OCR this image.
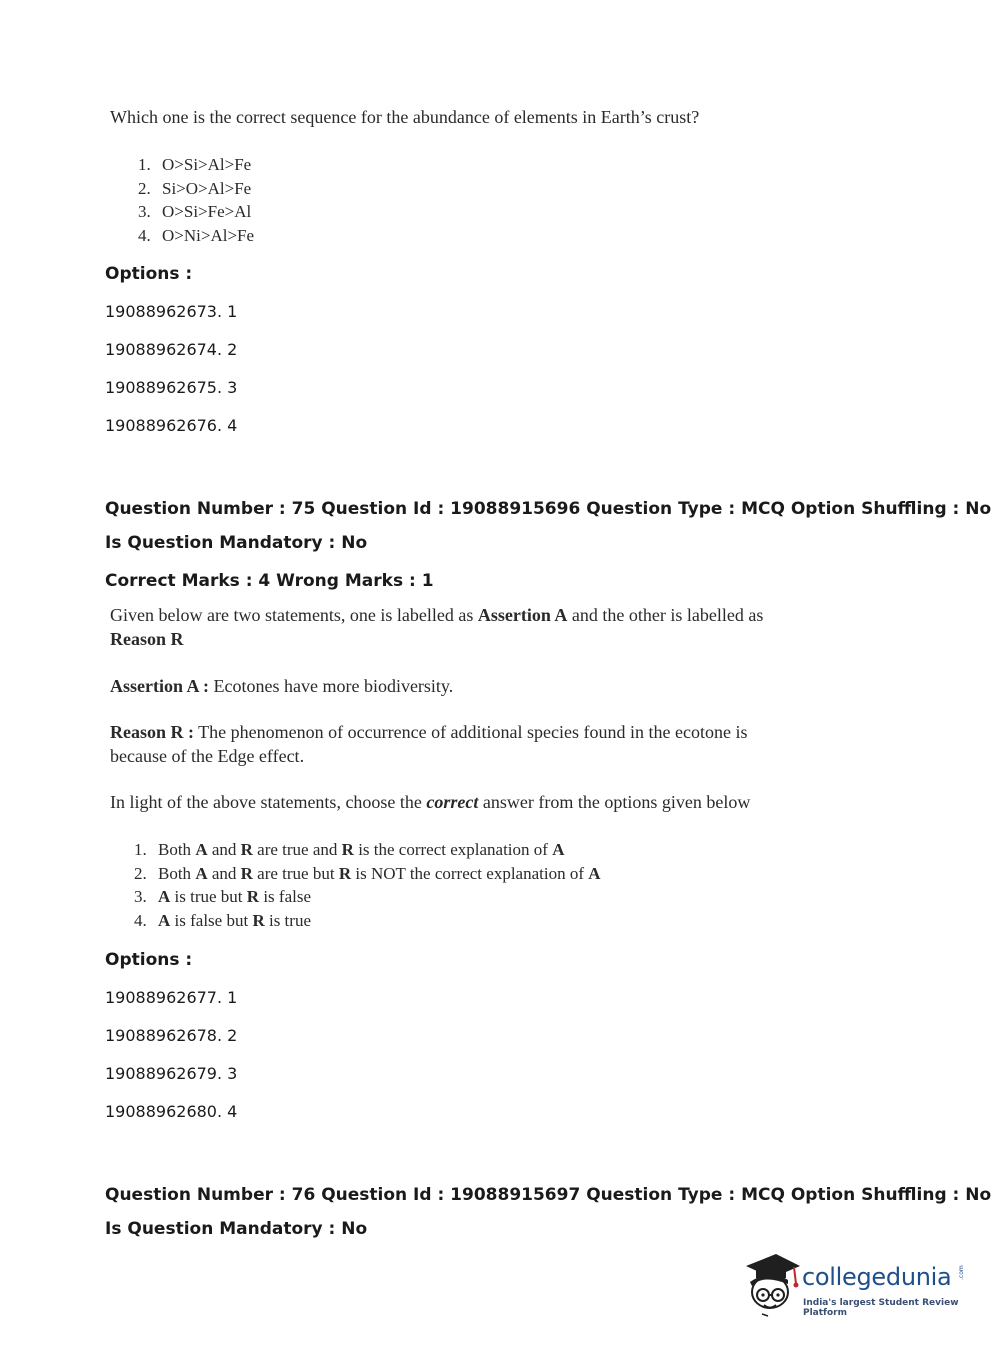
Which one is the correct sequence for the abundance of elements in Earth’s crust?
1. O>Si>Al>Fe
2. Si>O>Al>Fe
3. O>Si>Fe>Al
4. O>Ni>Al>Fe
Options :
19088962673. 1
19088962674. 2
19088962675. 3
19088962676. 4
Question Number : 75 Question Id : 19088915696 Question Type : MCQ Option Shuffling : No
Is Question Mandatory : No
Correct Marks : 4 Wrong Marks : 1
Given below are two statements, one is labelled as Assertion A and the other is labelled as
Reason R
Assertion A : Ecotones have more biodiversity.
Reason R : The phenomenon of occurrence of additional species found in the ecotone is
because of the Edge effect.
In light of the above statements, choose the correct answer from the options given below
1. Both A and R are true and R is the correct explanation of A
2. Both A and R are true but R is NOT the correct explanation of A
3. A is true but R is false
4. A is false but R is true
Options :
19088962677. 1
19088962678. 2
19088962679. 3
19088962680. 4
Question Number : 76 Question Id : 19088915697 Question Type : MCQ Option Shuffling : No
Is Question Mandatory : No
collegedunia .com
India's largest Student Review Platform
